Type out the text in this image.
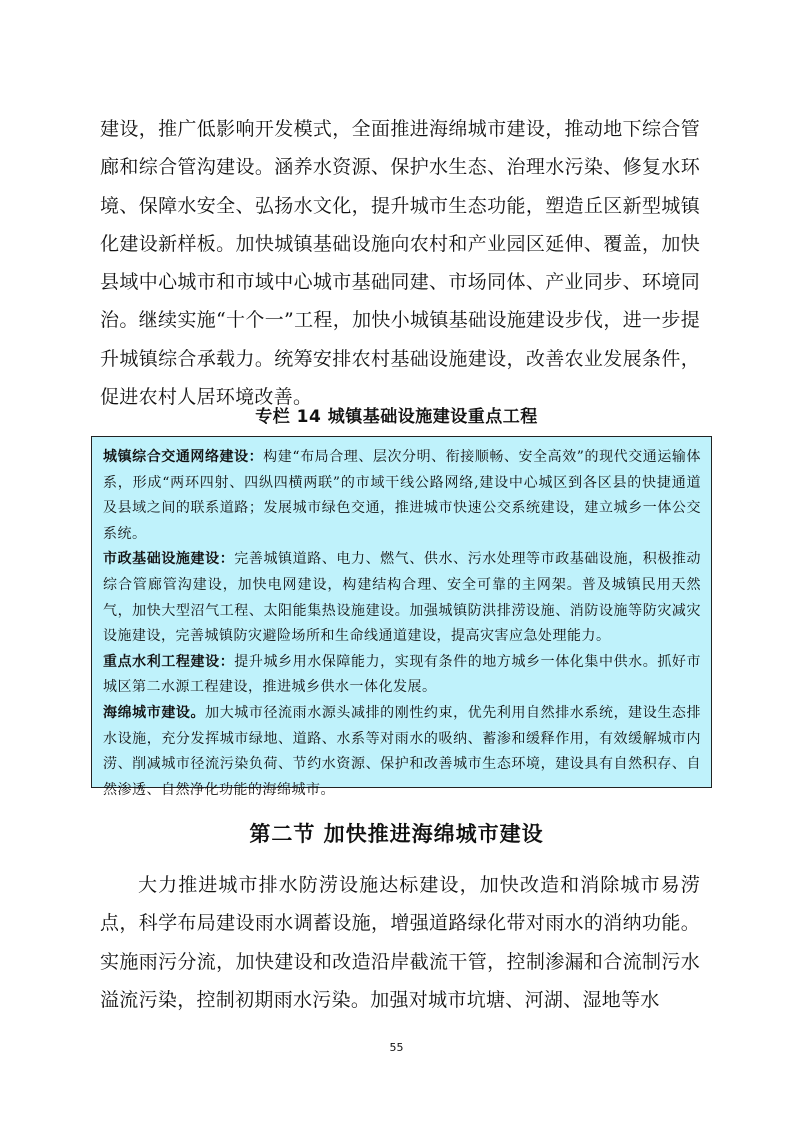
建设，推广低影响开发模式，全面推进海绵城市建设，推动地下综合管廊和综合管沟建设。涵养水资源、保护水生态、治理水污染、修复水环境、保障水安全、弘扬水文化，提升城市生态功能，塑造丘区新型城镇化建设新样板。加快城镇基础设施向农村和产业园区延伸、覆盖，加快县域中心城市和市域中心城市基础同建、市场同体、产业同步、环境同治。继续实施“十个一”工程，加快小城镇基础设施建设步伐，进一步提升城镇综合承载力。统筹安排农村基础设施建设，改善农业发展条件，促进农村人居环境改善。

专栏 14 城镇基础设施建设重点工程

城镇综合交通网络建设：构建“布局合理、层次分明、衔接顺畅、安全高效”的现代交通运输体系，形成“两环四射、四纵四横两联”的市域干线公路网络,建设中心城区到各区县的快捷通道及县域之间的联系道路；发展城市绿色交通，推进城市快速公交系统建设，建立城乡一体公交系统。

市政基础设施建设：完善城镇道路、电力、燃气、供水、污水处理等市政基础设施，积极推动综合管廊管沟建设，加快电网建设，构建结构合理、安全可靠的主网架。普及城镇民用天然气，加快大型沼气工程、太阳能集热设施建设。加强城镇防洪排涝设施、消防设施等防灾减灾设施建设，完善城镇防灾避险场所和生命线通道建设，提高灾害应急处理能力。

重点水利工程建设：提升城乡用水保障能力，实现有条件的地方城乡一体化集中供水。抓好市城区第二水源工程建设，推进城乡供水一体化发展。

海绵城市建设。加大城市径流雨水源头减排的刚性约束，优先利用自然排水系统，建设生态排水设施，充分发挥城市绿地、道路、水系等对雨水的吸纳、蓄渗和缓释作用，有效缓解城市内涝、削减城市径流污染负荷、节约水资源、保护和改善城市生态环境，建设具有自然积存、自然渗透、自然净化功能的海绵城市。

第二节 加快推进海绵城市建设

大力推进城市排水防涝设施达标建设，加快改造和消除城市易涝点，科学布局建设雨水调蓄设施，增强道路绿化带对雨水的消纳功能。实施雨污分流，加快建设和改造沿岸截流干管，控制渗漏和合流制污水溢流污染，控制初期雨水污染。加强对城市坑塘、河湖、湿地等水

55
